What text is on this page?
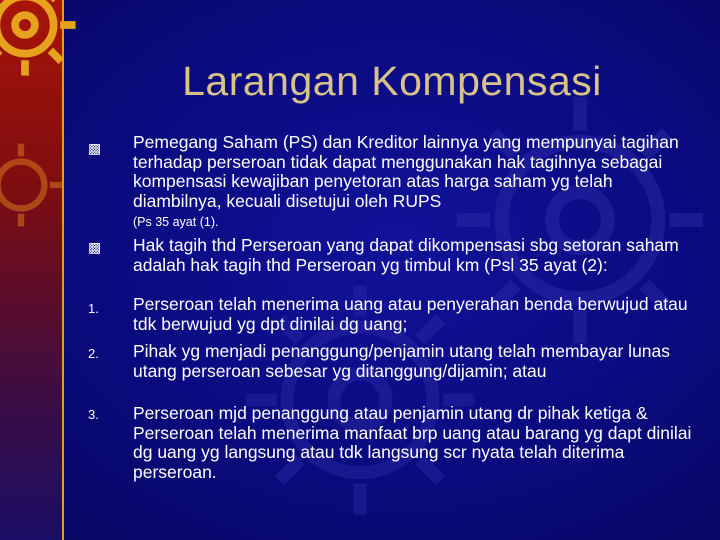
Larangan Kompensasi
▩ Pemegang Saham (PS) dan Kreditor lainnya yang mempunyai tagihan terhadap perseroan tidak dapat menggunakan hak tagihnya sebagai kompensasi kewajiban penyetoran atas harga saham yg telah diambilnya, kecuali disetujui oleh RUPS
(Ps 35 ayat (1).
▩ Hak tagih thd Perseroan yang dapat dikompensasi sbg setoran saham adalah hak tagih thd Perseroan yg timbul km (Psl 35 ayat (2):
1. Perseroan telah menerima uang atau penyerahan benda berwujud atau tdk berwujud yg dpt dinilai dg uang;
2. Pihak yg menjadi penanggung/penjamin utang telah membayar lunas utang perseroan sebesar yg ditanggung/dijamin; atau
3. Perseroan mjd penanggung atau penjamin utang dr pihak ketiga & Perseroan telah menerima manfaat brp uang atau barang yg dapt dinilai dg uang yg langsung atau tdk langsung scr nyata telah diterima perseroan.
